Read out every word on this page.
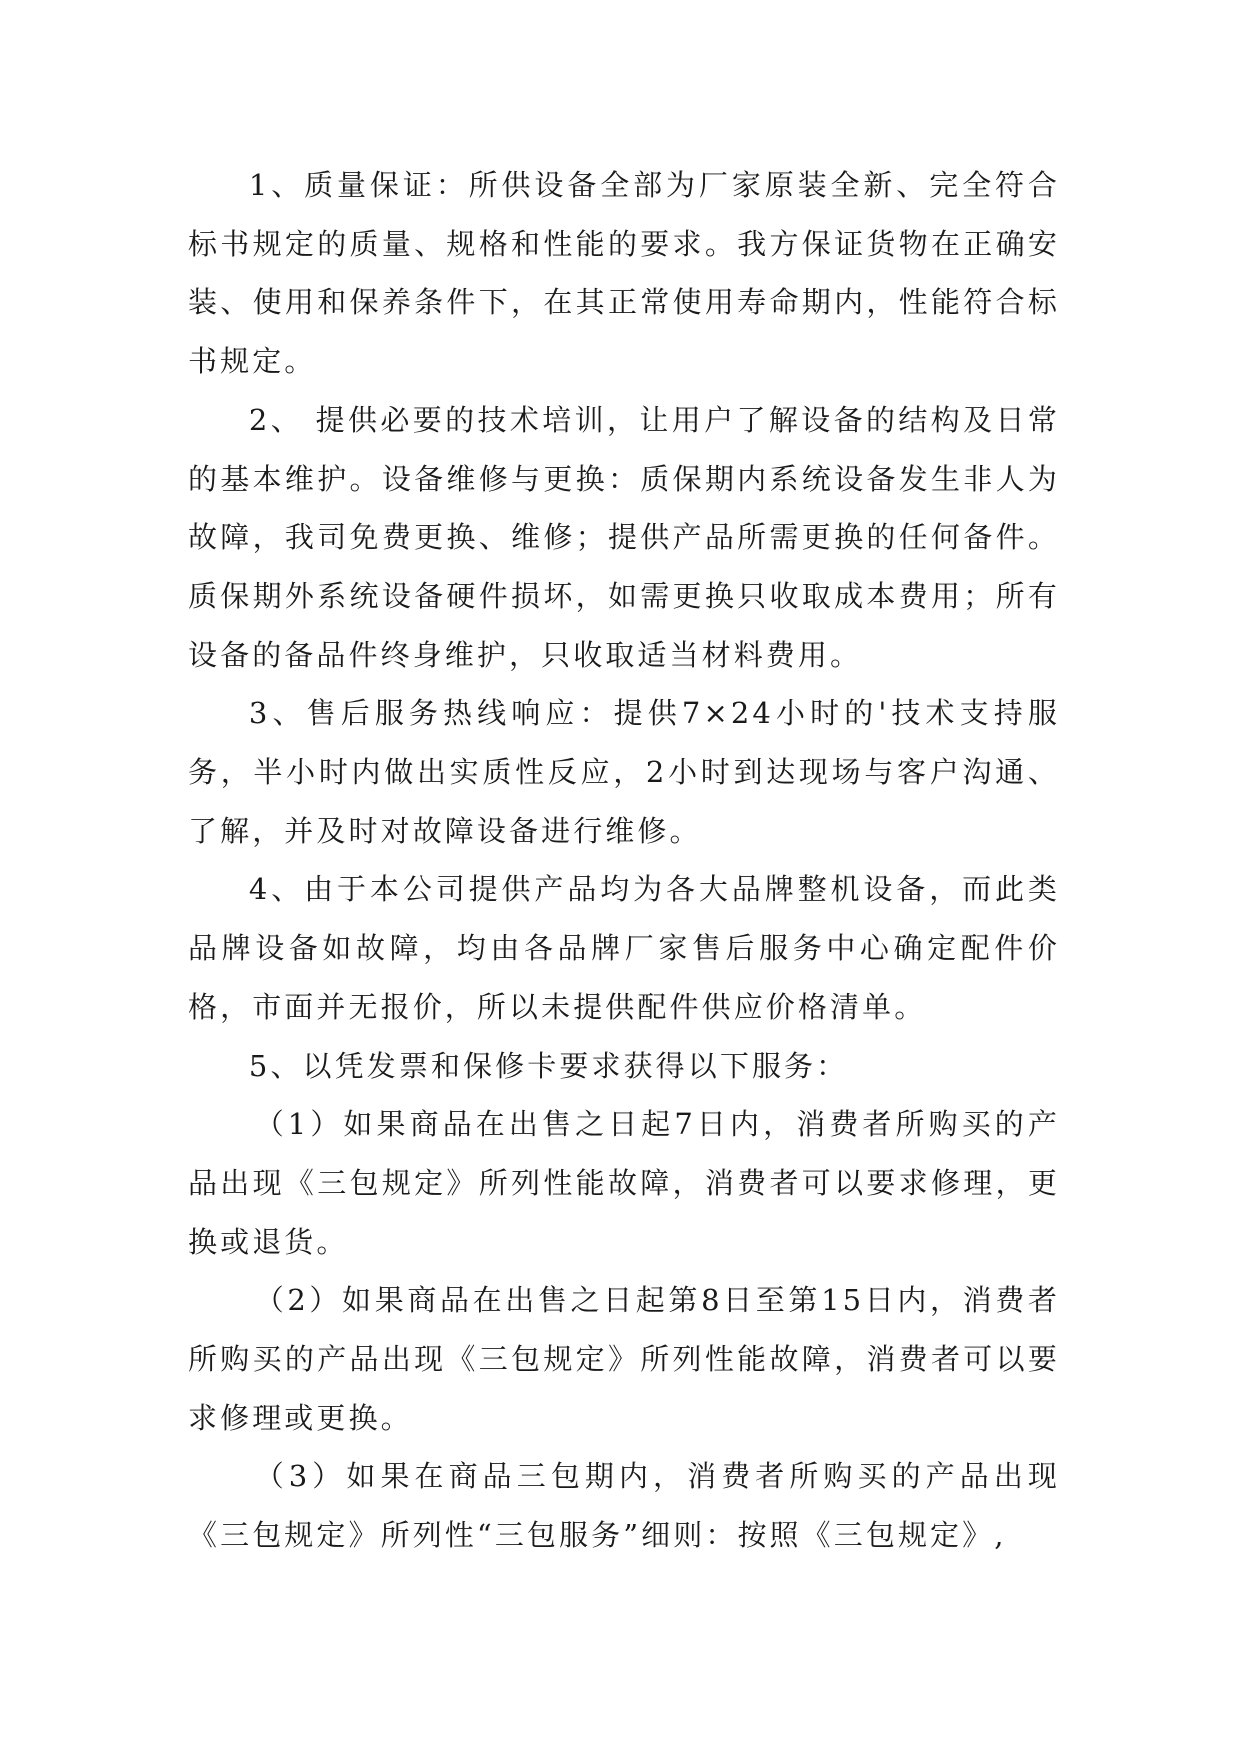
1、质量保证：所供设备全部为厂家原装全新、完全符合标书规定的质量、规格和性能的要求。我方保证货物在正确安装、使用和保养条件下，在其正常使用寿命期内，性能符合标书规定。

2、 提供必要的技术培训，让用户了解设备的结构及日常的基本维护。设备维修与更换：质保期内系统设备发生非人为故障，我司免费更换、维修；提供产品所需更换的任何备件。质保期外系统设备硬件损坏，如需更换只收取成本费用；所有设备的备品件终身维护，只收取适当材料费用。

3、售后服务热线响应：提供7×24小时的'技术支持服务，半小时内做出实质性反应，2小时到达现场与客户沟通、了解，并及时对故障设备进行维修。

4、由于本公司提供产品均为各大品牌整机设备，而此类品牌设备如故障，均由各品牌厂家售后服务中心确定配件价格，市面并无报价，所以未提供配件供应价格清单。

5、以凭发票和保修卡要求获得以下服务：

（1）如果商品在出售之日起7日内，消费者所购买的产品出现《三包规定》所列性能故障，消费者可以要求修理，更换或退货。

（2）如果商品在出售之日起第8日至第15日内，消费者所购买的产品出现《三包规定》所列性能故障，消费者可以要求修理或更换。

（3）如果在商品三包期内，消费者所购买的产品出现《三包规定》所列性“三包服务”细则：按照《三包规定》,
